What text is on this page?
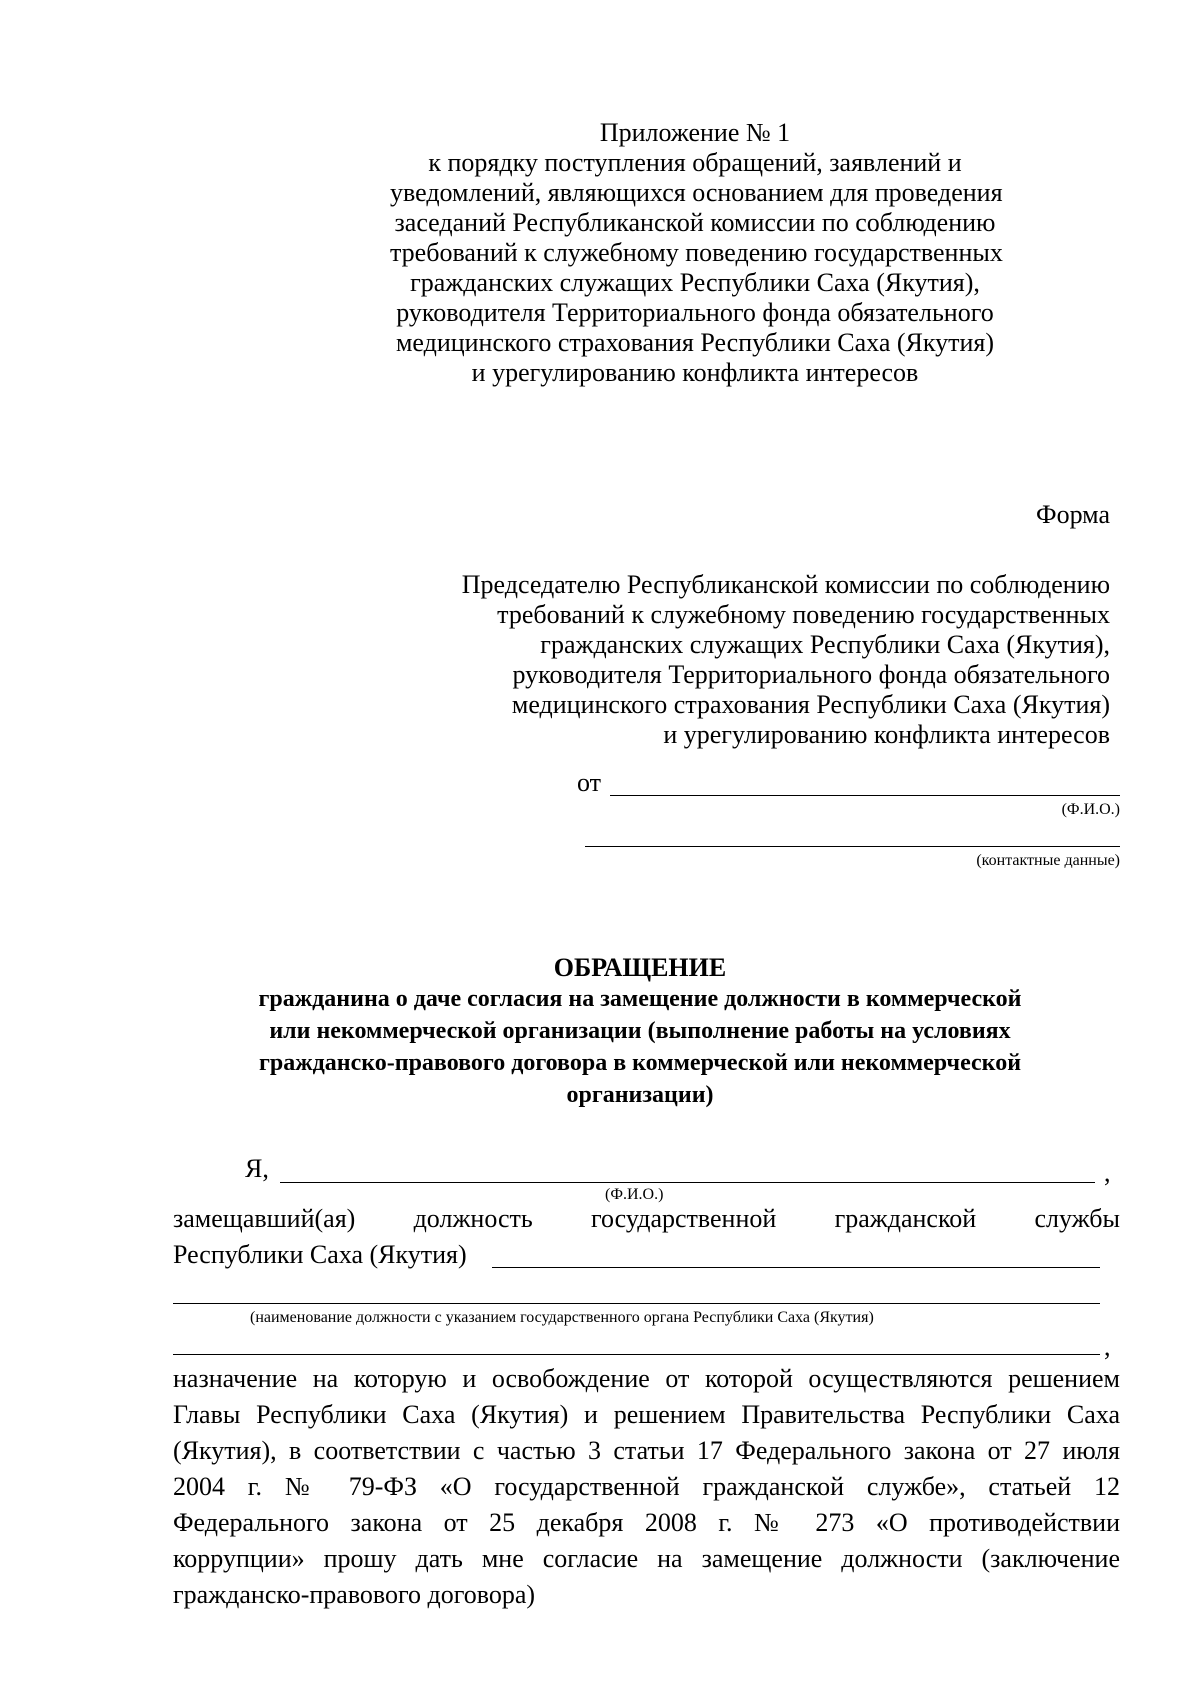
Приложение № 1
к порядку поступления обращений, заявлений и
уведомлений, являющихся основанием для проведения
заседаний Республиканской комиссии по соблюдению
требований к служебному поведению государственных
гражданских служащих Республики Саха (Якутия),
руководителя Территориального фонда обязательного
медицинского страхования Республики Саха (Якутия)
и урегулированию конфликта интересов
Форма
Председателю Республиканской комиссии по соблюдению
требований к служебному поведению государственных
гражданских служащих Республики Саха (Якутия),
руководителя Территориального фонда обязательного
медицинского страхования Республики Саха (Якутия)
и урегулированию конфликта интересов
от
(Ф.И.О.)
(контактные данные)
ОБРАЩЕНИЕ
гражданина о даче согласия на замещение должности в коммерческой
или некоммерческой организации (выполнение работы на условиях
гражданско-правового договора в коммерческой или некоммерческой
организации)
Я,	,
(Ф.И.О.)
замещавший(ая) должность государственной гражданской службы
Республики Саха (Якутия)
(наименование должности с указанием государственного органа Республики Саха (Якутия)
,
назначение на которую и освобождение от которой осуществляются решением
Главы Республики Саха (Якутия) и решением Правительства Республики Саха
(Якутия), в соответствии с частью 3 статьи 17 Федерального закона от 27 июля
2004 г. № 79-ФЗ «О государственной гражданской службе», статьей 12
Федерального закона от 25 декабря 2008 г. № 273 «О противодействии
коррупции» прошу дать мне согласие на замещение должности (заключение
гражданско-правового договора)
